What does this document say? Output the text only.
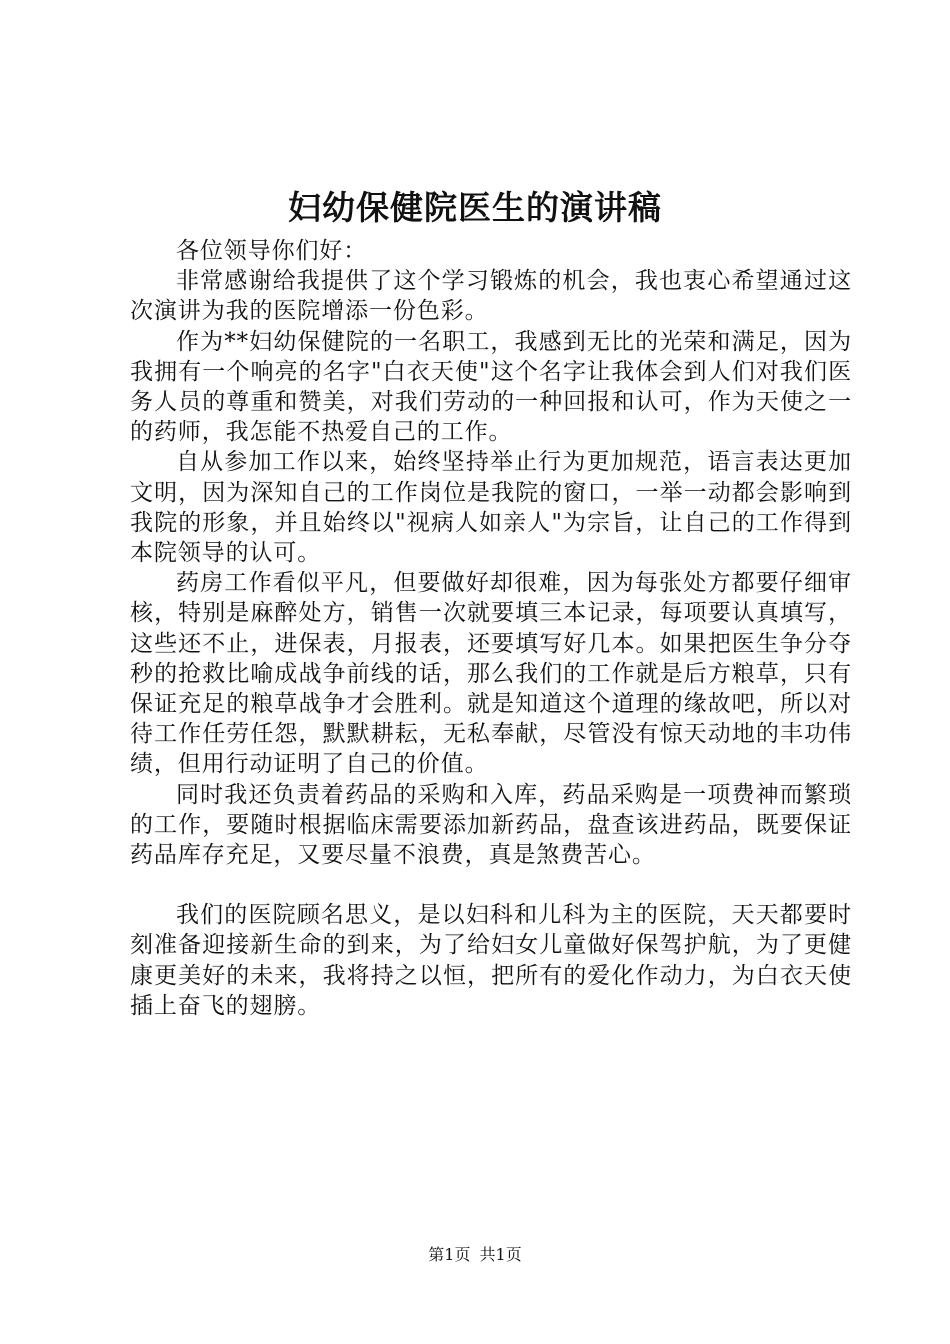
妇幼保健院医生的演讲稿

各位领导你们好：

非常感谢给我提供了这个学习锻炼的机会，我也衷心希望通过这次演讲为我的医院增添一份色彩。

作为**妇幼保健院的一名职工，我感到无比的光荣和满足，因为我拥有一个响亮的名字"白衣天使"这个名字让我体会到人们对我们医务人员的尊重和赞美，对我们劳动的一种回报和认可，作为天使之一的药师，我怎能不热爱自己的工作。

自从参加工作以来，始终坚持举止行为更加规范，语言表达更加文明，因为深知自己的工作岗位是我院的窗口，一举一动都会影响到我院的形象，并且始终以"视病人如亲人"为宗旨，让自己的工作得到本院领导的认可。

药房工作看似平凡，但要做好却很难，因为每张处方都要仔细审核，特别是麻醉处方，销售一次就要填三本记录，每项要认真填写，这些还不止，进保表，月报表，还要填写好几本。如果把医生争分夺秒的抢救比喻成战争前线的话，那么我们的工作就是后方粮草，只有保证充足的粮草战争才会胜利。就是知道这个道理的缘故吧，所以对待工作任劳任怨，默默耕耘，无私奉献，尽管没有惊天动地的丰功伟绩，但用行动证明了自己的价值。

同时我还负责着药品的采购和入库，药品采购是一项费神而繁琐的工作，要随时根据临床需要添加新药品，盘查该进药品，既要保证药品库存充足，又要尽量不浪费，真是煞费苦心。

我们的医院顾名思义，是以妇科和儿科为主的医院，天天都要时刻准备迎接新生命的到来，为了给妇女儿童做好保驾护航，为了更健康更美好的未来，我将持之以恒，把所有的爱化作动力，为白衣天使插上奋飞的翅膀。

第1页 共1页
